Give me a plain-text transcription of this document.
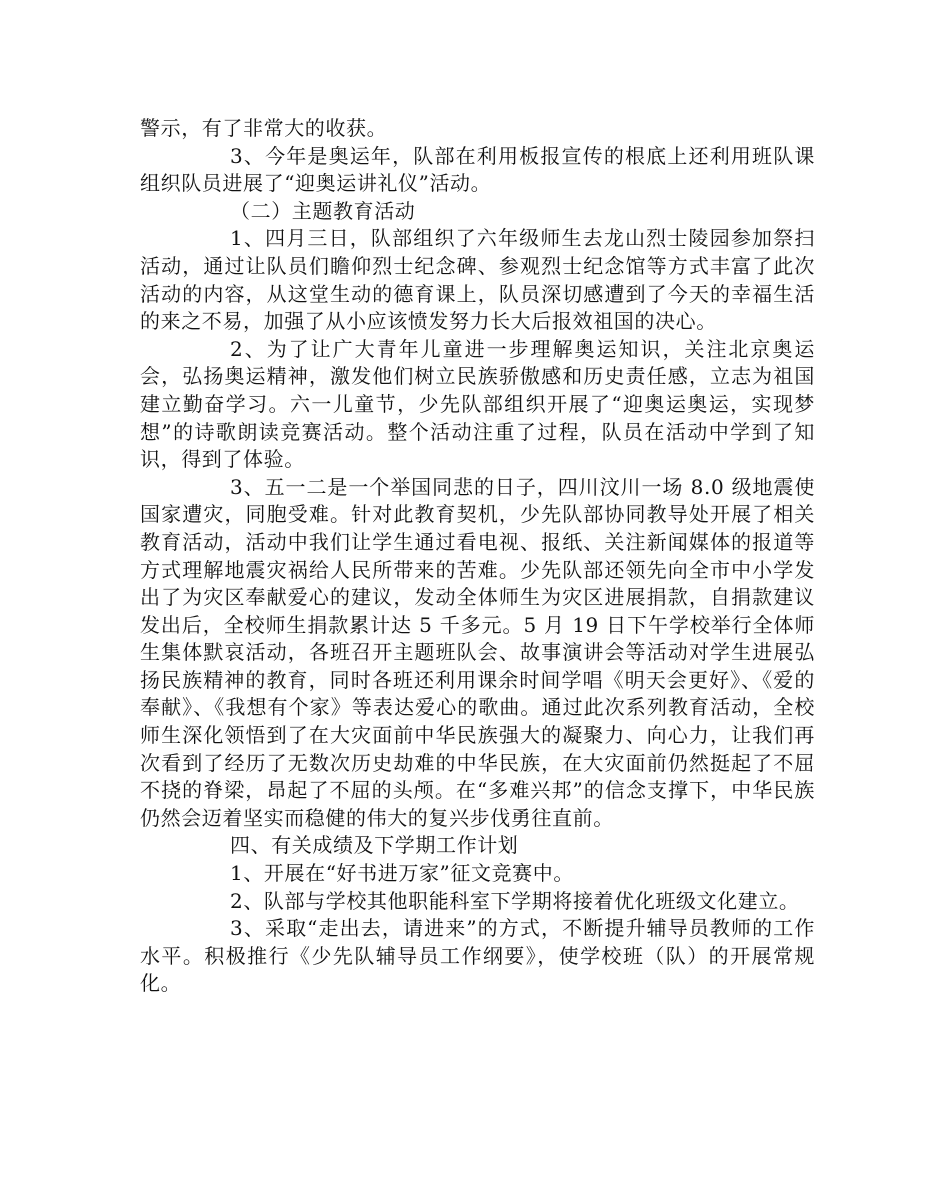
警示，有了非常大的收获。

3、今年是奥运年，队部在利用板报宣传的根底上还利用班队课组织队员进展了“迎奥运讲礼仪”活动。

（二）主题教育活动

1、四月三日，队部组织了六年级师生去龙山烈士陵园参加祭扫活动，通过让队员们瞻仰烈士纪念碑、参观烈士纪念馆等方式丰富了此次活动的内容，从这堂生动的德育课上，队员深切感遭到了今天的幸福生活的来之不易，加强了从小应该愤发努力长大后报效祖国的决心。

2、为了让广大青年儿童进一步理解奥运知识，关注北京奥运会，弘扬奥运精神，激发他们树立民族骄傲感和历史责任感，立志为祖国建立勤奋学习。六一儿童节，少先队部组织开展了“迎奥运奥运，实现梦想”的诗歌朗读竞赛活动。整个活动注重了过程，队员在活动中学到了知识，得到了体验。

3、五一二是一个举国同悲的日子，四川汶川一场 8.0 级地震使国家遭灾，同胞受难。针对此教育契机，少先队部协同教导处开展了相关教育活动，活动中我们让学生通过看电视、报纸、关注新闻媒体的报道等方式理解地震灾祸给人民所带来的苦难。少先队部还领先向全市中小学发出了为灾区奉献爱心的建议，发动全体师生为灾区进展捐款，自捐款建议发出后，全校师生捐款累计达 5 千多元。5 月 19 日下午学校举行全体师生集体默哀活动，各班召开主题班队会、故事演讲会等活动对学生进展弘扬民族精神的教育，同时各班还利用课余时间学唱《明天会更好》、《爱的奉献》、《我想有个家》等表达爱心的歌曲。通过此次系列教育活动，全校师生深化领悟到了在大灾面前中华民族强大的凝聚力、向心力，让我们再次看到了经历了无数次历史劫难的中华民族，在大灾面前仍然挺起了不屈不挠的脊梁，昂起了不屈的头颅。在“多难兴邦”的信念支撑下，中华民族仍然会迈着坚实而稳健的伟大的复兴步伐勇往直前。

四、有关成绩及下学期工作计划

1、开展在“好书进万家”征文竞赛中。

2、队部与学校其他职能科室下学期将接着优化班级文化建立。

3、采取“走出去，请进来”的方式，不断提升辅导员教师的工作水平。积极推行《少先队辅导员工作纲要》，使学校班（队）的开展常规化。
